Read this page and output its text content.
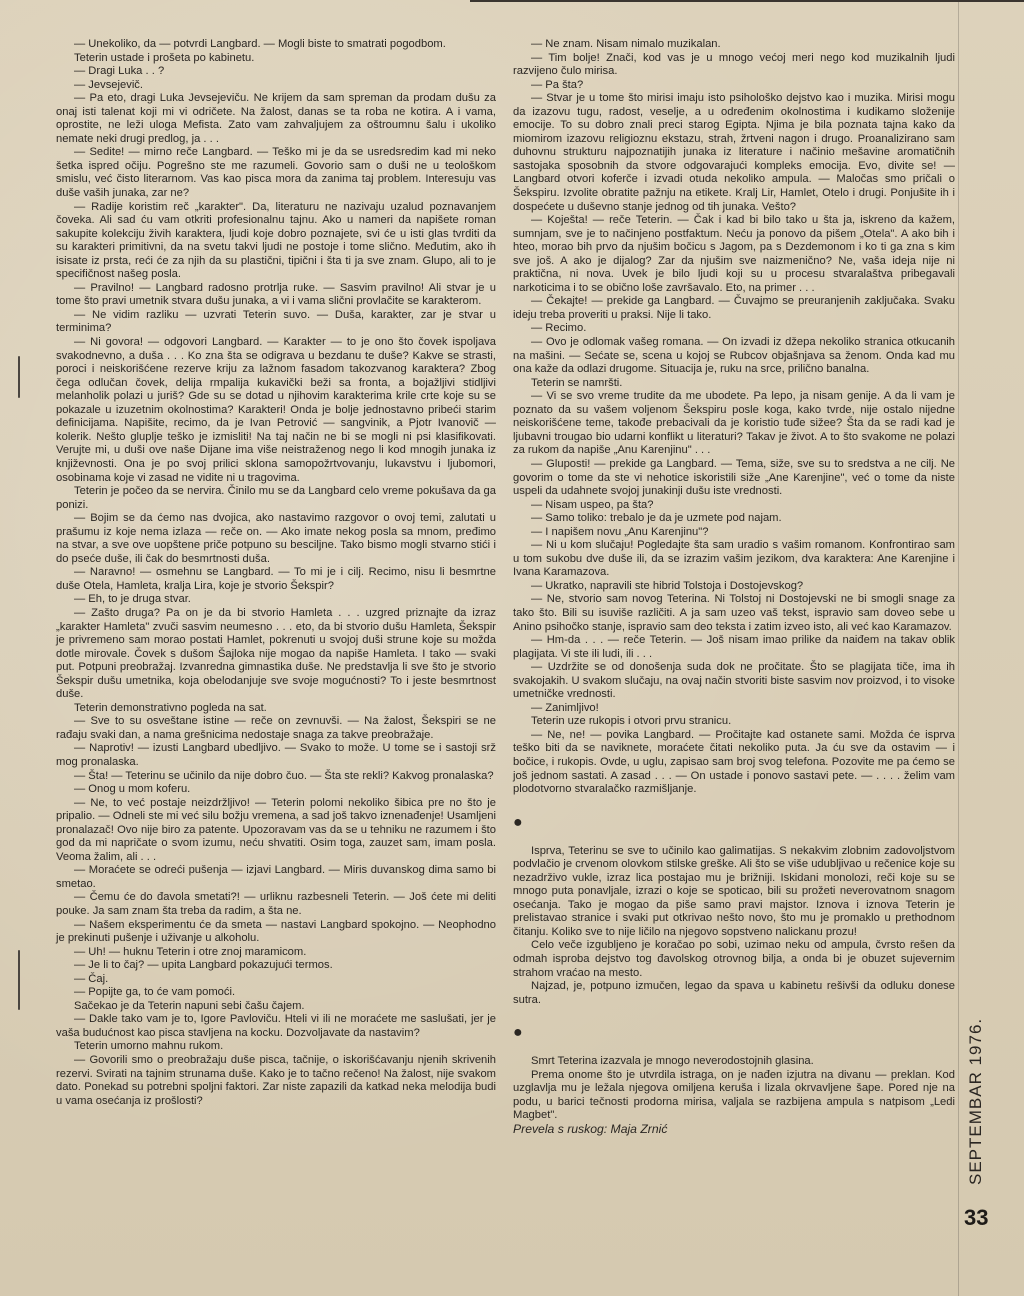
— Unekoliko, da — potvrdi Langbard. — Mogli biste to smatrati pogodbom.

Teterin ustade i prošeta po kabinetu.

— Dragi Luka . . ?

— Jevsejevič.

— Pa eto, dragi Luka Jevsejeviču. Ne krijem da sam spreman da prodam dušu za onaj isti talenat koji mi vi odričete. Na žalost, danas se ta roba ne kotira. A i vama, oprostite, ne leži uloga Mefista. Zato vam zahvaljujem za oštroumnu šalu i ukoliko nemate neki drugi predlog, ja . . .

— Sedite! — mirno reče Langbard. — Teško mi je da se usredsredim kad mi neko šetka ispred očiju. Pogrešno ste me razumeli. Govorio sam o duši ne u teološkom smislu, već čisto literarnom. Vas kao pisca mora da zanima taj problem. Interesuju vas duše vaših junaka, zar ne?

— Radije koristim reč „karakter". Da, literaturu ne nazivaju uzalud poznavanjem čoveka. Ali sad ću vam otkriti profesionalnu tajnu. Ako u nameri da napišete roman sakupite kolekciju živih karaktera, ljudi koje dobro poznajete, svi će u isti glas tvrditi da su karakteri primitivni, da na svetu takvi ljudi ne postoje i tome slično. Međutim, ako ih isisate iz prsta, reći će za njih da su plastični, tipični i šta ti ja sve znam. Glupo, ali to je specifičnost našeg posla.

— Pravilno! — Langbard radosno protrlja ruke. — Sasvim pravilno! Ali stvar je u tome što pravi umetnik stvara dušu junaka, a vi i vama slični provlačite se karakterom.

— Ne vidim razliku — uzvrati Teterin suvo. — Duša, karakter, zar je stvar u terminima?

— Ni govora! — odgovori Langbard. — Karakter — to je ono što čovek ispoljava svakodnevno, a duša . . . Ko zna šta se odigrava u bezdanu te duše? Kakve se strasti, poroci i neiskorišćene rezerve kriju za lažnom fasadom takozvanog karaktera? Zbog čega odlučan čovek, delija rmpalija kukavički beži sa fronta, a bojažljivi stidljivi melanholik polazi u juriš? Gde su se dotad u njihovim karakterima krile crte koje su se pokazale u izuzetnim okolnostima? Karakteri! Onda je bolje jednostavno pribeći starim definicijama. Napišite, recimo, da je Ivan Petrović — sangvinik, a Pjotr Ivanovič — kolerik. Nešto gluplje teško je izmisliti! Na taj način ne bi se mogli ni psi klasifikovati. Verujte mi, u duši ove naše Dijane ima više neistraženog nego li kod mnogih junaka iz književnosti. Ona je po svoj prilici sklona samopožrtvovanju, lukavstvu i ljubomori, osobinama koje vi zasad ne vidite ni u tragovima.

Teterin je počeo da se nervira. Činilo mu se da Langbard celo vreme pokušava da ga ponizi.

— Bojim se da ćemo nas dvojica, ako nastavimo razgovor o ovoj temi, zalutati u prašumu iz koje nema izlaza — reče on. — Ako imate nekog posla sa mnom, pređimo na stvar, a sve ove uopštene priče potpuno su besciljne. Tako bismo mogli stvarno stići i do pseće duše, ili čak do besmrtnosti duša.

— Naravno! — osmehnu se Langbard. — To mi je i cilj. Recimo, nisu li besmrtne duše Otela, Hamleta, kralja Lira, koje je stvorio Šekspir?

— Eh, to je druga stvar.

— Zašto druga? Pa on je da bi stvorio Hamleta . . . uzgred priznajte da izraz „karakter Hamleta" zvuči sasvim neumesno . . . eto, da bi stvorio dušu Hamleta, Šekspir je privremeno sam morao postati Hamlet, pokrenuti u svojoj duši strune koje su možda dotle mirovale. Čovek s dušom Šajloka nije mogao da napiše Hamleta. I tako — svaki put. Potpuni preobražaj. Izvanredna gimnastika duše. Ne predstavlja li sve što je stvorio Šekspir dušu umetnika, koja obelodanjuje sve svoje mogućnosti? To i jeste besmrtnost duše.

Teterin demonstrativno pogleda na sat.

— Sve to su osveštane istine — reče on zevnuvši. — Na žalost, Šekspiri se ne rađaju svaki dan, a nama grešnicima nedostaje snaga za takve preobražaje.

— Naprotiv! — izusti Langbard ubedljivo. — Svako to može. U tome se i sastoji srž mog pronalaska.

— Šta! — Teterinu se učinilo da nije dobro čuo. — Šta ste rekli? Kakvog pronalaska?

— Onog u mom koferu.

— Ne, to već postaje neizdržljivo! — Teterin polomi nekoliko šibica pre no što je pripalio. — Odneli ste mi već silu božju vremena, a sad još takvo iznenađenje! Usamljeni pronalazač! Ovo nije biro za patente. Upozoravam vas da se u tehniku ne razumem i što god da mi napričate o svom izumu, neću shvatiti. Osim toga, zauzet sam, imam posla. Veoma žalim, ali . . .

— Moraćete se odreći pušenja — izjavi Langbard. — Miris duvanskog dima samo bi smetao.

— Čemu će do đavola smetati?! — urliknu razbesneli Teterin. — Još ćete mi deliti pouke. Ja sam znam šta treba da radim, a šta ne.

— Našem eksperimentu će da smeta — nastavi Langbard spokojno. — Neophodno je prekinuti pušenje i uživanje u alkoholu.

— Uh! — huknu Teterin i otre znoj maramicom.

— Je li to čaj? — upita Langbard pokazujući termos.

— Čaj.

— Popijte ga, to će vam pomoći.

Sačekao je da Teterin napuni sebi čašu čajem.

— Dakle tako vam je to, Igore Pavloviču. Hteli vi ili ne moraćete me saslušati, jer je vaša budućnost kao pisca stavljena na kocku. Dozvoljavate da nastavim?

Teterin umorno mahnu rukom.

— Govorili smo o preobražaju duše pisca, tačnije, o iskorišćavanju njenih skrivenih rezervi. Svirati na tajnim strunama duše. Kako je to tačno rečeno! Na žalost, nije svakom dato. Ponekad su potrebni spoljni faktori. Zar niste zapazili da katkad neka melodija budi u vama osećanja iz prošlosti?

— Ne znam. Nisam nimalo muzikalan.

— Tim bolje! Znači, kod vas je u mnogo većoj meri nego kod muzikalnih ljudi razvijeno čulo mirisa.

— Pa šta?

— Stvar je u tome što mirisi imaju isto psihološko dejstvo kao i muzika. Mirisi mogu da izazovu tugu, radost, veselje, a u određenim okolnostima i kudikamo složenije emocije. To su dobro znali preci starog Egipta. Njima je bila poznata tajna kako da miomirom izazovu religioznu ekstazu, strah, žrtveni nagon i drugo. Proanalizirano sam duhovnu strukturu najpoznatijih junaka iz literature i načinio mešavine aromatičnih sastojaka sposobnih da stvore odgovarajući kompleks emocija. Evo, divite se! — Langbard otvori koferče i izvadi otuda nekoliko ampula. — Maločas smo pričali o Šekspiru. Izvolite obratite pažnju na etikete. Kralj Lir, Hamlet, Otelo i drugi. Ponjušite ih i dospećete u duševno stanje jednog od tih junaka. Vešto?

— Koješta! — reče Teterin. — Čak i kad bi bilo tako u šta ja, iskreno da kažem, sumnjam, sve je to načinjeno postfaktum. Neću ja ponovo da pišem „Otela". A ako bih i hteo, morao bih prvo da njušim bočicu s Jagom, pa s Dezdemonom i ko ti ga zna s kim sve još. A ako je dijalog? Zar da njušim sve naizmenično? Ne, vaša ideja nije ni praktična, ni nova. Uvek je bilo ljudi koji su u procesu stvaralaštva pribegavali narkoticima i to se obično loše završavalo. Eto, na primer . . .

— Čekajte! — prekide ga Langbard. — Čuvajmo se preuranjenih zaključaka. Svaku ideju treba proveriti u praksi. Nije li tako.

— Recimo.

— Ovo je odlomak vašeg romana. — On izvadi iz džepa nekoliko stranica otkucanih na mašini. — Sećate se, scena u kojoj se Rubcov objašnjava sa ženom. Onda kad mu ona kaže da odlazi drugome. Situacija je, ruku na srce, prilično banalna.

Teterin se namršti.

— Vi se svo vreme trudite da me ubodete. Pa lepo, ja nisam genije. A da li vam je poznato da su vašem voljenom Šekspiru posle koga, kako tvrde, nije ostalo nijedne neiskorišćene teme, takođe prebacivali da je koristio tuđe sižee? Šta da se radi kad je ljubavni trougao bio udarni konflikt u literaturi? Takav je život. A to što svakome ne polazi za rukom da napiše „Anu Karenjinu" . . .

— Gluposti! — prekide ga Langbard. — Tema, siže, sve su to sredstva a ne cilj. Ne govorim o tome da ste vi nehotice iskoristili siže „Ane Karenjine", već o tome da niste uspeli da udahnete svojoj junakinji dušu iste vrednosti.

— Nisam uspeo, pa šta?

— Samo toliko: trebalo je da je uzmete pod najam.

— I napišem novu „Anu Karenjinu"?

— Ni u kom slučaju! Pogledajte šta sam uradio s vašim romanom. Konfrontirao sam u tom sukobu dve duše ili, da se izrazim vašim jezikom, dva karaktera: Ane Karenjine i Ivana Karamazova.

— Ukratko, napravili ste hibrid Tolstoja i Dostojevskog?

— Ne, stvorio sam novog Teterina. Ni Tolstoj ni Dostojevski ne bi smogli snage za tako što. Bili su isuviše različiti. A ja sam uzeo vaš tekst, ispravio sam doveo sebe u Anino psihočko stanje, ispravio sam deo teksta i zatim izvео isto, ali već kao Karamazov.

— Hm-da . . . — reče Teterin. — Još nisam imao prilike da naiđem na takav oblik plagijata. Vi ste ili ludi, ili . . .

— Uzdržite se od donošenja suda dok ne pročitate. Što se plagijata tiče, ima ih svakojakih. U svakom slučaju, na ovaj način stvoriti biste sasvim nov proizvod, i to visoke umetničke vrednosti.

— Zanimljivo!

Teterin uze rukopis i otvori prvu stranicu.

— Ne, ne! — povika Langbard. — Pročitajte kad ostanete sami. Možda će isprva teško biti da se naviknete, moraćete čitati nekoliko puta. Ja ću sve da ostavim — i bočice, i rukopis. Ovde, u uglu, zapisao sam broj svog telefona. Pozovite me pa ćemo se još jednom sastati. A zasad . . . — On ustade i ponovo sastavi pete. — . . . . želim vam plodotvorno stvaralačko razmišljanje.

●

Isprva, Teterinu se sve to učinilo kao galimatijas. S nekakvim zlobnim zadovoljstvom podvlačio je crvenom olovkom stilske greške. Ali što se više udubljivao u rečenice koje su nezadrživo vukle, izraz lica postajao mu je brižniji. Iskidani monolozi, reči koje su se mnogo puta ponavljale, izrazi o koje se spoticao, bili su prožeti neverovatnom snagom osećanja. Tako je mogao da piše samo pravi majstor. Iznova i iznova Teterin je prelistavao stranice i svaki put otkrivao nešto novo, što mu je promaklo u prethodnom čitanju. Koliko sve to nije ličilo na njegovo sopstveno nalickanu prozu!

Celo veče izgubljeno je koračao po sobi, uzimao neku od ampula, čvrsto rešen da odmah isproba dejstvo tog đavolskog otrovnog bilja, a onda bi je obuzet sujevernim strahom vraćao na mesto.

Najzad, je, potpuno izmučen, legao da spava u kabinetu rešivši da odluku donese sutra.

●

Smrt Teterina izazvala je mnogo neverodostojnih glasina.

Prema onome što je utvrdila istraga, on je nađen izjutra na divanu — preklan. Kod uzglavlja mu je ležala njegova omiljena keruša i lizala okrvavljene šape. Pored nje na podu, u barici tečnosti prodorna mirisa, valjala se razbijena ampula s natpisom „Ledi Magbet".

Prevela s ruskog: Maja Zrnić	SEPTEMBAR 1976.
33
